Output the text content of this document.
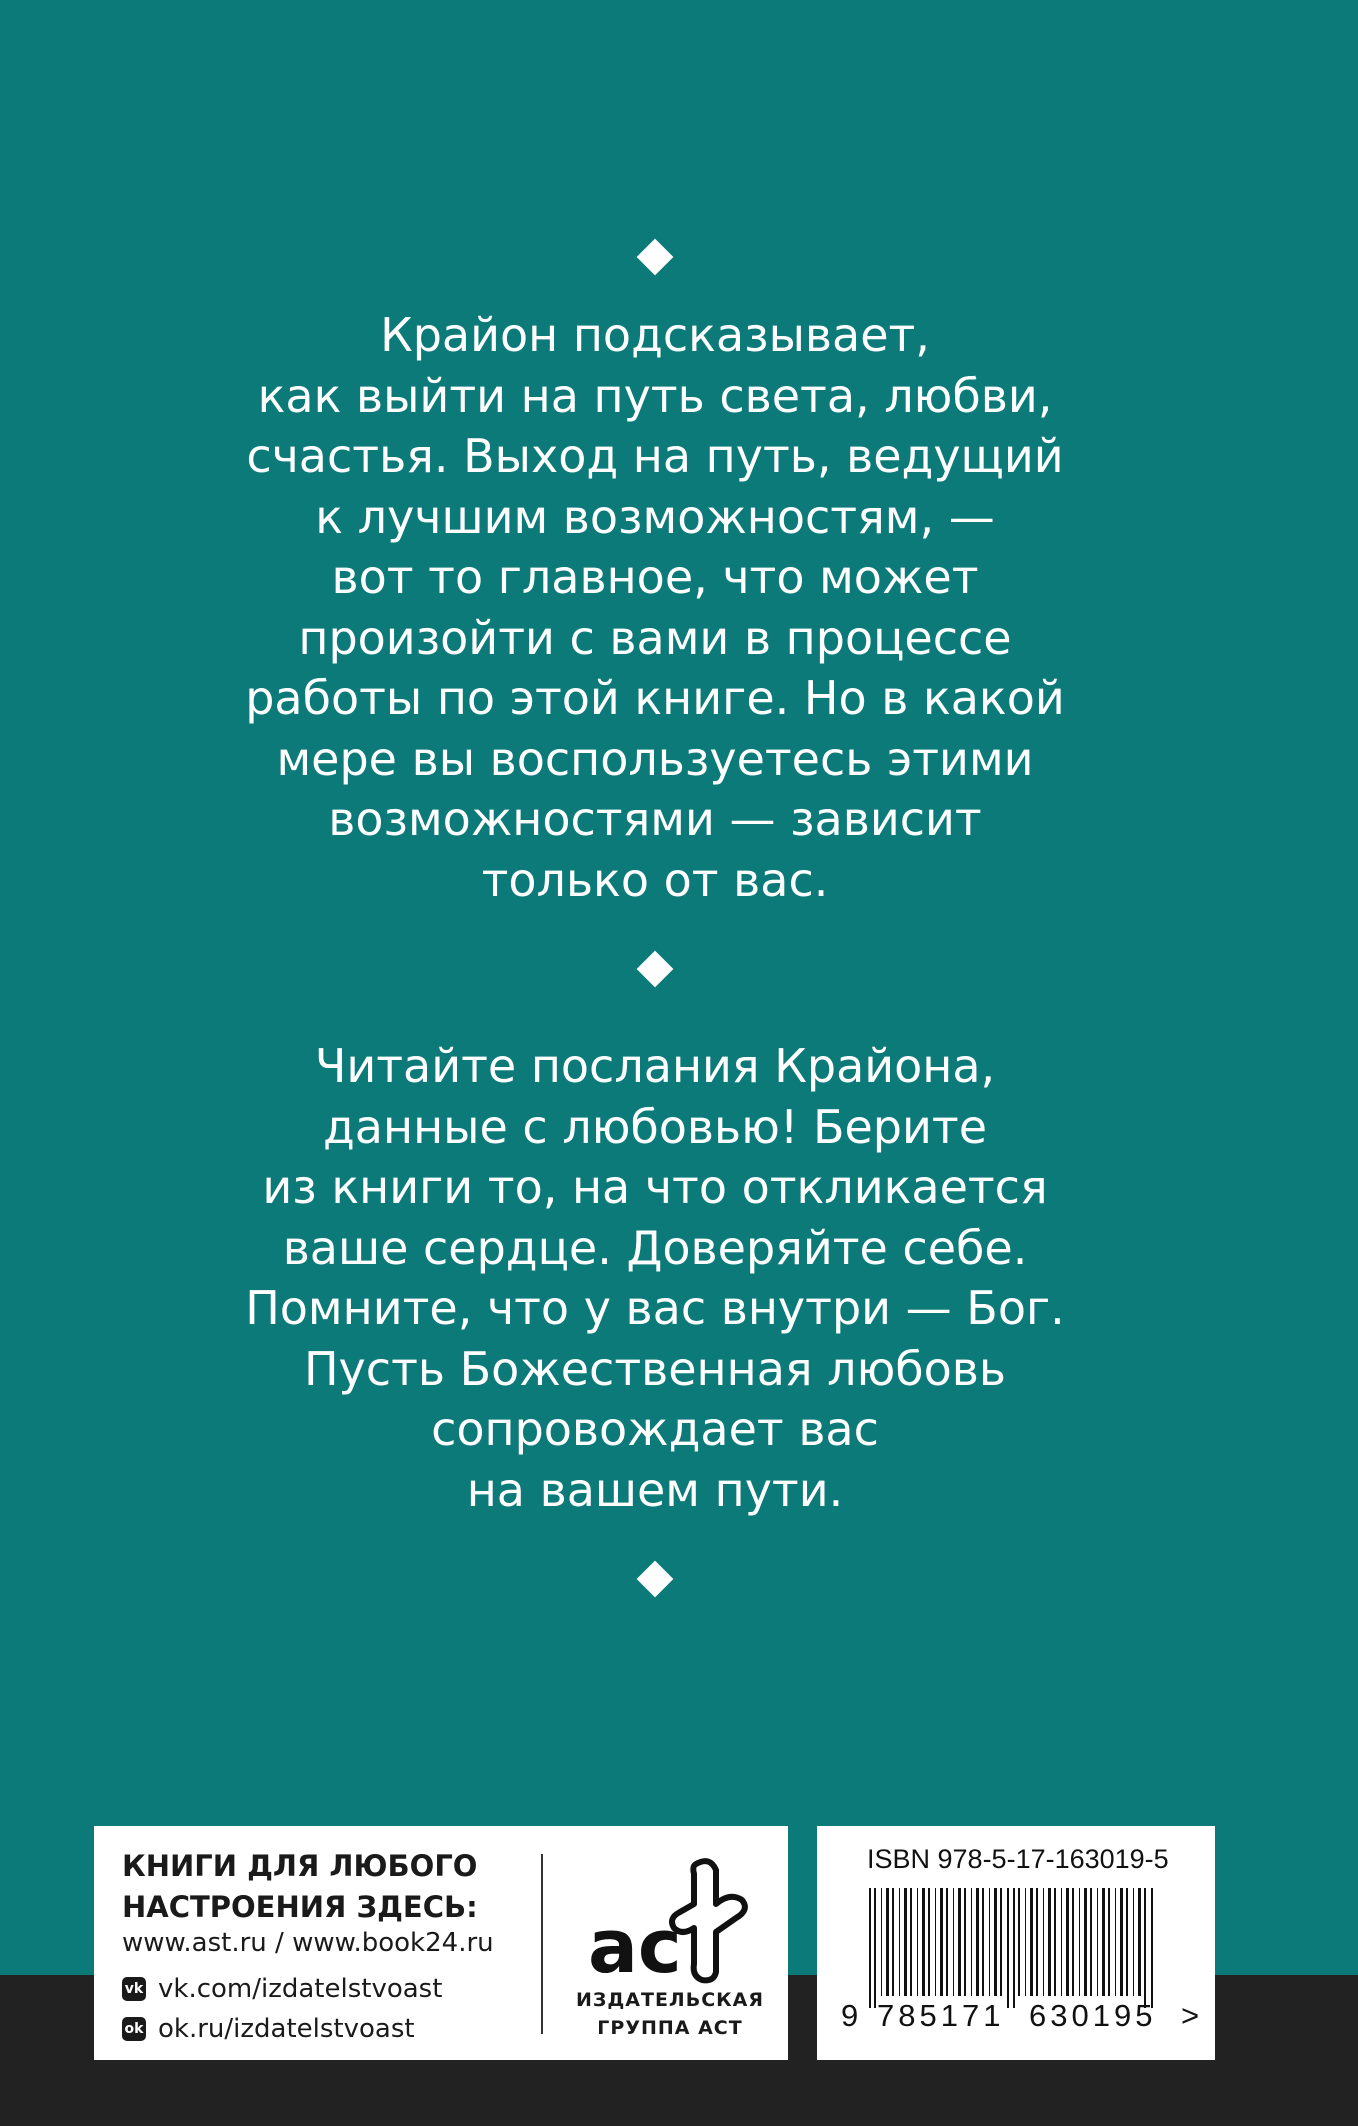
Крайон подсказывает,
как выйти на путь света, любви,
счастья. Выход на путь, ведущий
к лучшим возможностям, —
вот то главное, что может
произойти с вами в процессе
работы по этой книге. Но в какой
мере вы воспользуетесь этими
возможностями — зависит
только от вас.

Читайте послания Крайона,
данные с любовью! Берите
из книги то, на что откликается
ваше сердце. Доверяйте себе.
Помните, что у вас внутри — Бог.
Пусть Божественная любовь
сопровождает вас
на вашем пути.

КНИГИ ДЛЯ ЛЮБОГО
НАСТРОЕНИЯ ЗДЕСЬ:

www.ast.ru / www.book24.ru
vk vk.com/izdatelstvoast
ok ok.ru/izdatelstvoast
ас
ИЗДАТЕЛЬСКАЯ
ГРУППА АСТ
ISBN 978-5-17-163019-5
9 785171 630195 >
